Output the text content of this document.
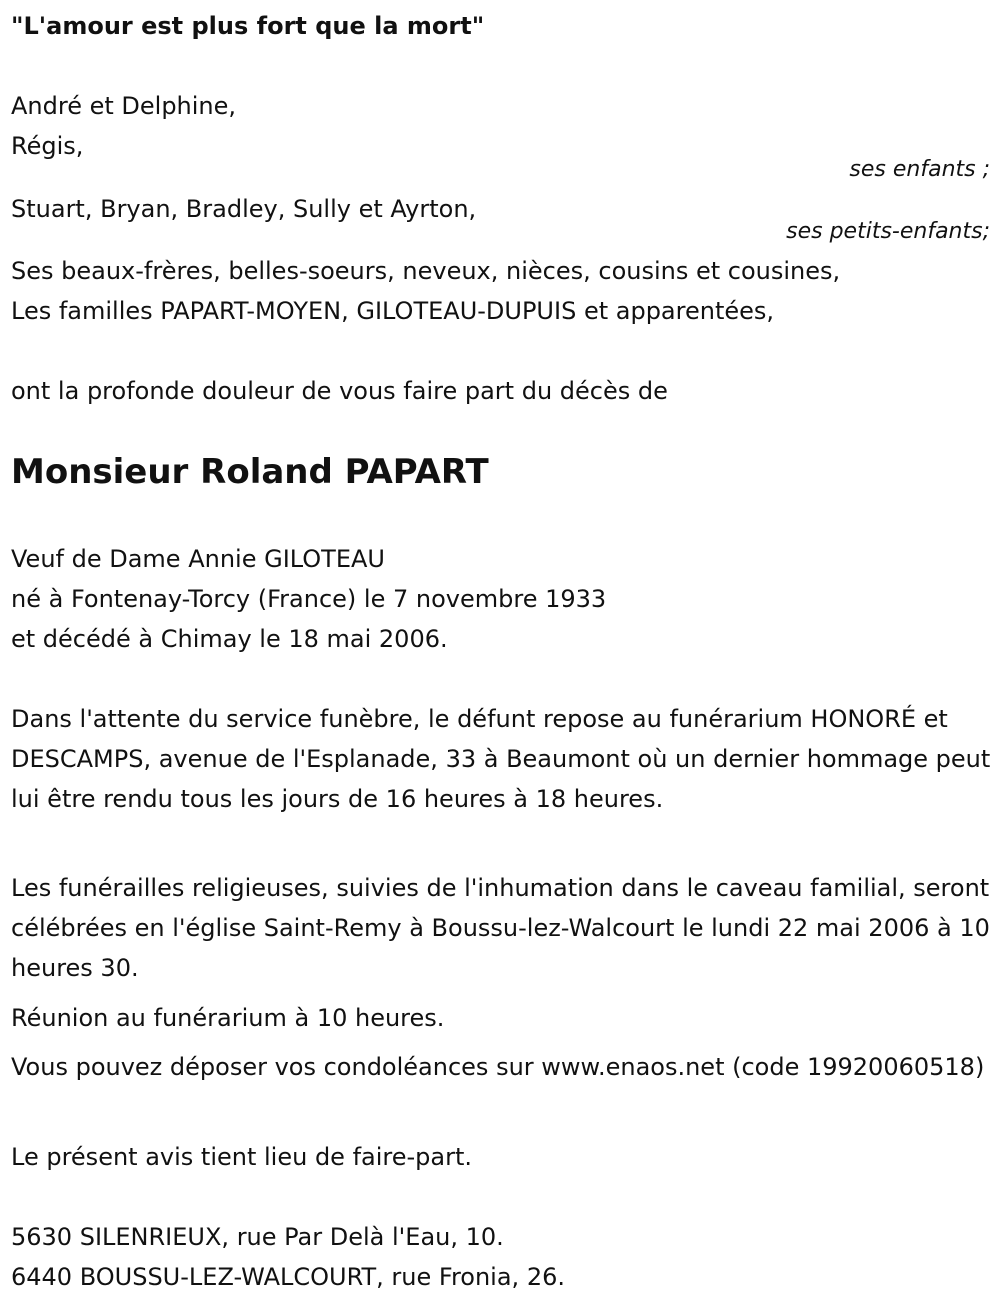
"L'amour est plus fort que la mort"
André et Delphine,
Régis,
ses enfants ;
Stuart, Bryan, Bradley, Sully et Ayrton,
ses petits-enfants;
Ses beaux-frères, belles-soeurs, neveux, nièces, cousins et cousines,
Les familles PAPART-MOYEN, GILOTEAU-DUPUIS et apparentées,
ont la profonde douleur de vous faire part du décès de
Monsieur Roland PAPART
Veuf de Dame Annie GILOTEAU
né à Fontenay-Torcy (France) le 7 novembre 1933
et décédé à Chimay le 18 mai 2006.
Dans l'attente du service funèbre, le défunt repose au funérarium HONORÉ et DESCAMPS, avenue de l'Esplanade, 33 à Beaumont où un dernier hommage peut lui être rendu tous les jours de 16 heures à 18 heures.
Les funérailles religieuses, suivies de l'inhumation dans le caveau familial, seront célébrées en l'église Saint-Remy à Boussu-lez-Walcourt le lundi 22 mai 2006 à 10 heures 30.
Réunion au funérarium à 10 heures.
Vous pouvez déposer vos condoléances sur www.enaos.net (code 19920060518)
Le présent avis tient lieu de faire-part.
5630 SILENRIEUX, rue Par Delà l'Eau, 10.
6440 BOUSSU-LEZ-WALCOURT, rue Fronia, 26.
